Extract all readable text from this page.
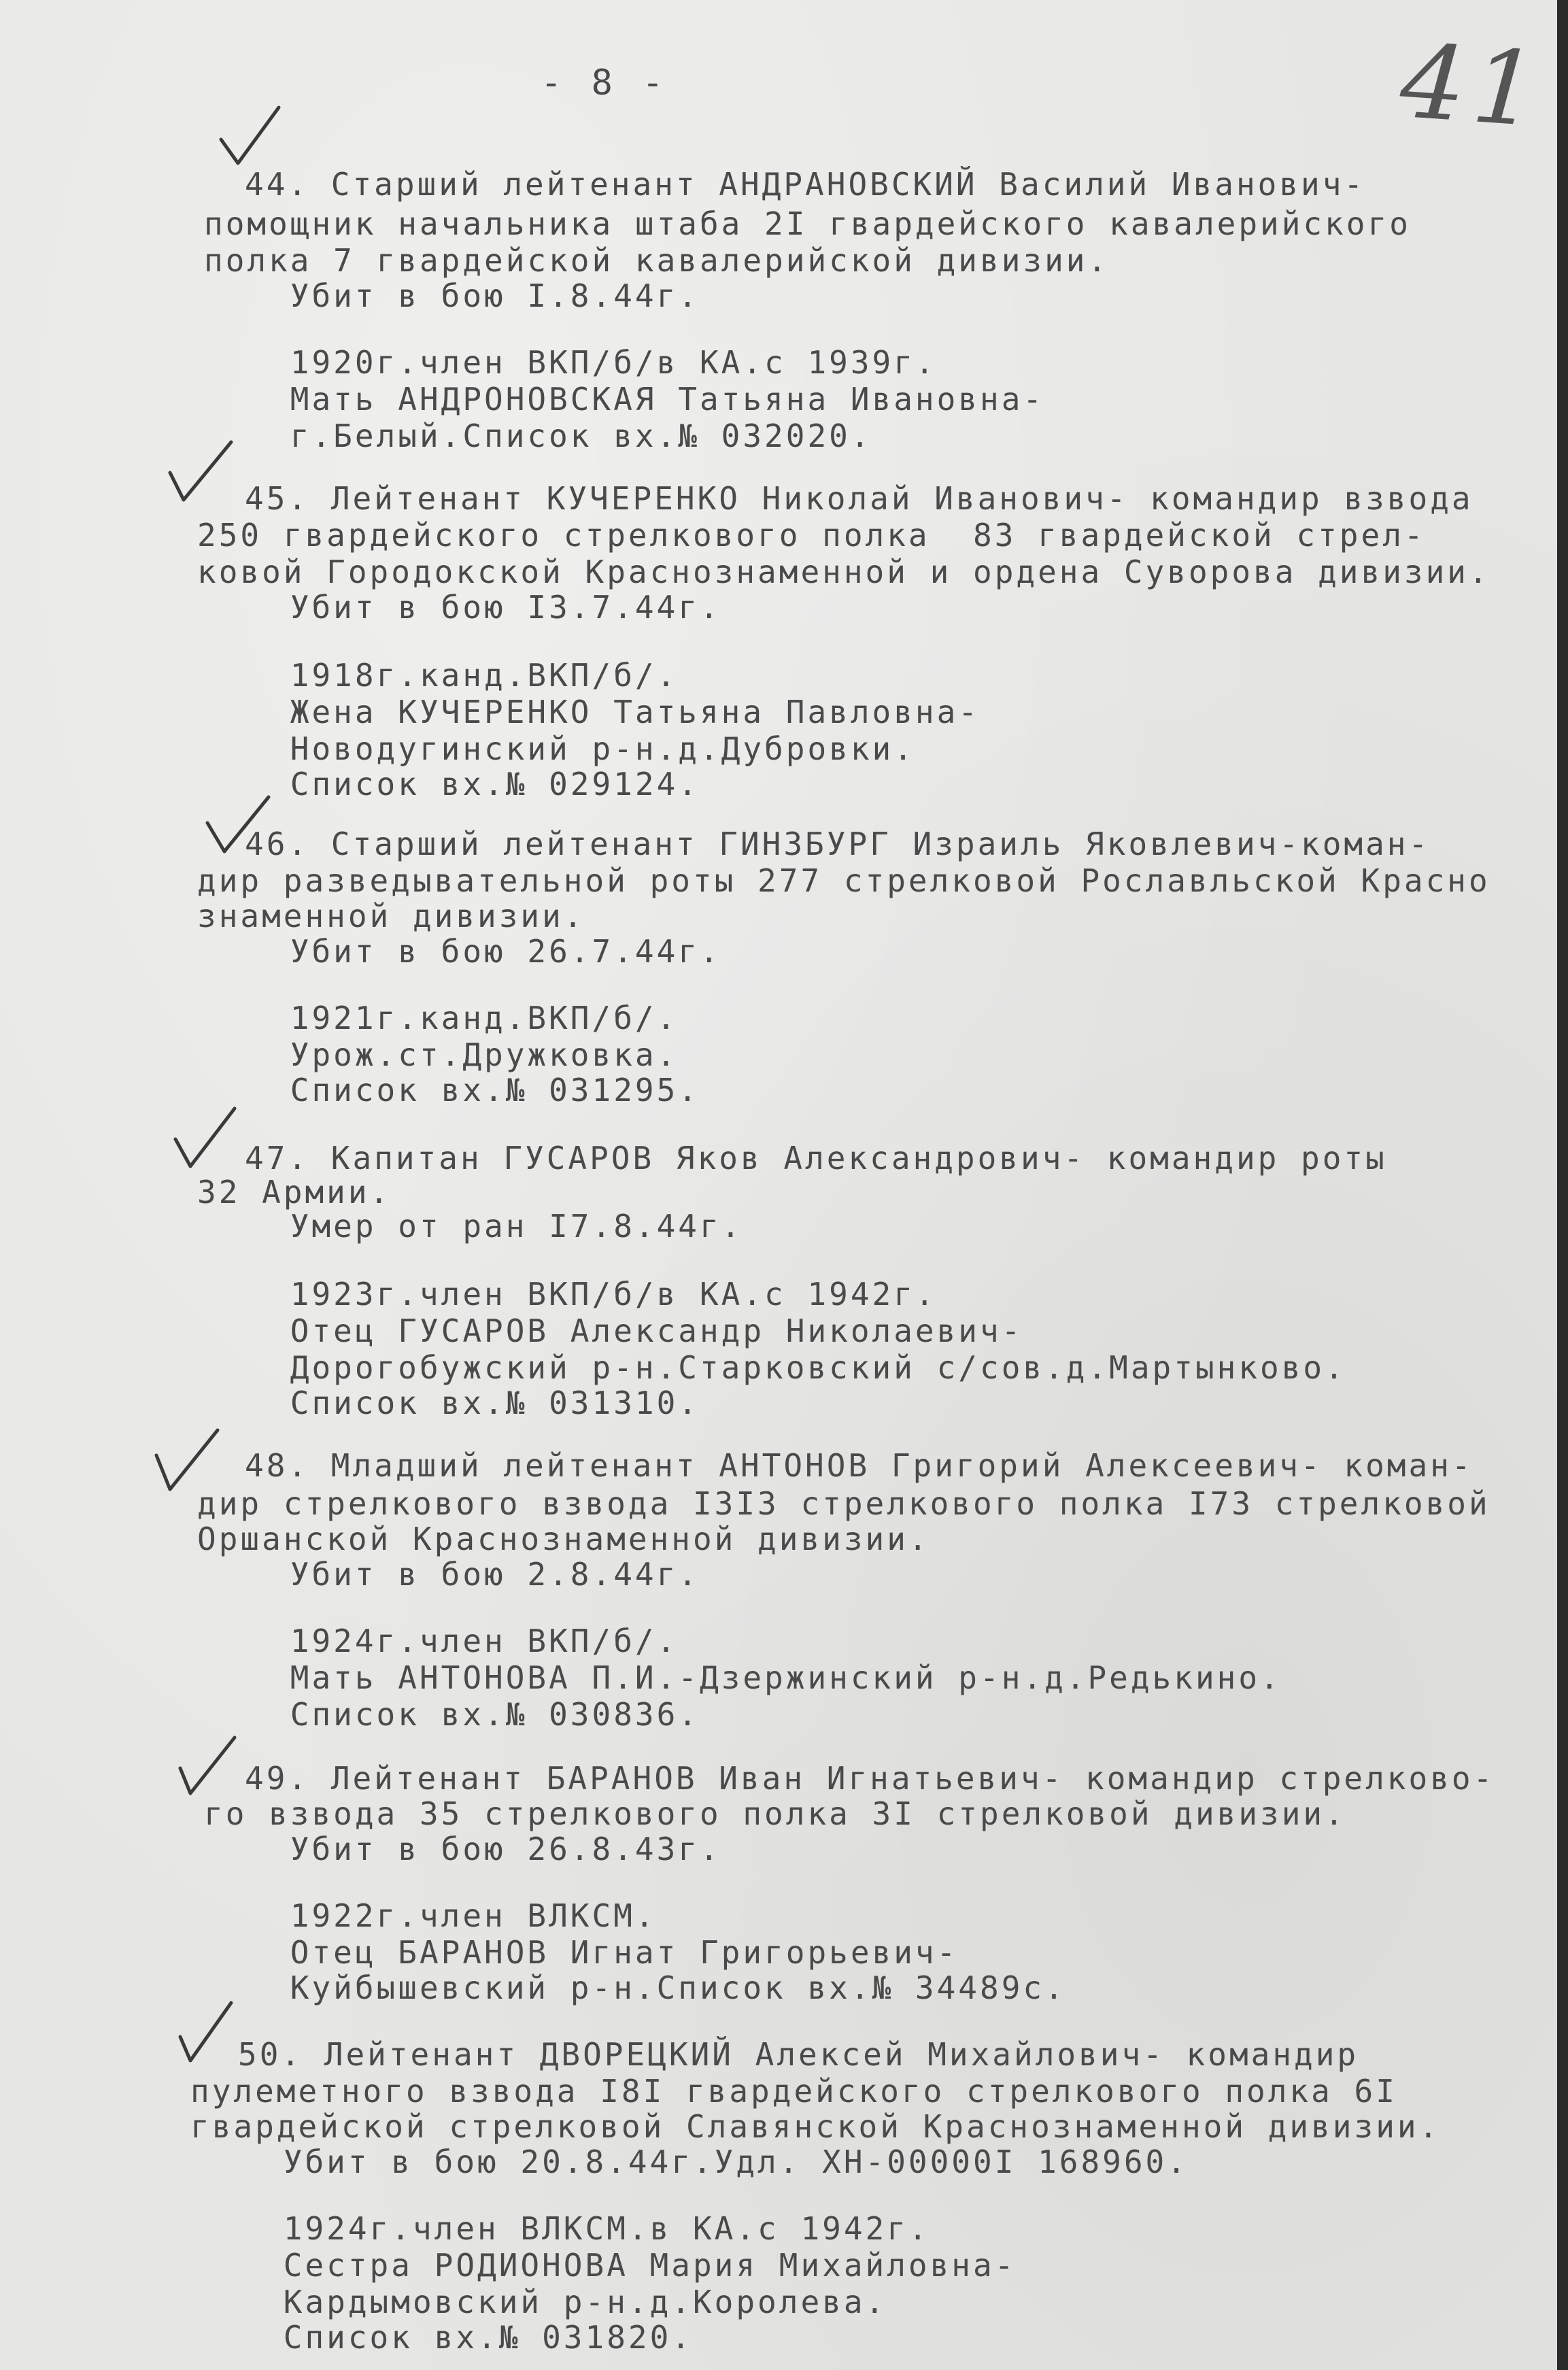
- 8 -	41

44. Старший лейтенант АНДРАНОВСКИЙ Василий Иванович-

помощник начальника штаба 2I гвардейского кавалерийского

полка 7 гвардейской кавалерийской дивизии.

Убит в бою I.8.44г.

1920г.член ВКП/б/в КА.с 1939г.

Мать АНДРОНОВСКАЯ Татьяна Ивановна-

г.Белый.Список вх.№ 032020.

45. Лейтенант КУЧЕРЕНКО Николай Иванович- командир взвода

250 гвардейского стрелкового полка  83 гвардейской стрел-

ковой Городокской Краснознаменной и ордена Суворова дивизии.

Убит в бою I3.7.44г.

1918г.канд.ВКП/б/.

Жена КУЧЕРЕНКО Татьяна Павловна-

Новодугинский р-н.д.Дубровки.

Список вх.№ 029124.

46. Старший лейтенант ГИНЗБУРГ Израиль Яковлевич-коман-

дир разведывательной роты 277 стрелковой Рославльской Красно

знаменной дивизии.

Убит в бою 26.7.44г.

1921г.канд.ВКП/б/.

Урож.ст.Дружковка.

Список вх.№ 031295.

47. Капитан ГУСАРОВ Яков Александрович- командир роты

32 Армии.

Умер от ран I7.8.44г.

1923г.член ВКП/б/в КА.с 1942г.

Отец ГУСАРОВ Александр Николаевич-

Дорогобужский р-н.Старковский с/сов.д.Мартынково.

Список вх.№ 031310.

48. Младший лейтенант АНТОНОВ Григорий Алексеевич- коман-

дир стрелкового взвода I3I3 стрелкового полка I73 стрелковой

Оршанской Краснознаменной дивизии.

Убит в бою 2.8.44г.

1924г.член ВКП/б/.

Мать АНТОНОВА П.И.-Дзержинский р-н.д.Редькино.

Список вх.№ 030836.

49. Лейтенант БАРАНОВ Иван Игнатьевич- командир стрелково-

го взвода 35 стрелкового полка 3I стрелковой дивизии.

Убит в бою 26.8.43г.

1922г.член ВЛКСМ.

Отец БАРАНОВ Игнат Григорьевич-

Куйбышевский р-н.Список вх.№ 34489с.

50. Лейтенант ДВОРЕЦКИЙ Алексей Михайлович- командир

пулеметного взвода I8I гвардейского стрелкового полка 6I

гвардейской стрелковой Славянской Краснознаменной дивизии.

Убит в бою 20.8.44г.Удл. ХН-00000I 168960.

1924г.член ВЛКСМ.в КА.с 1942г.

Сестра РОДИОНОВА Мария Михайловна-

Кардымовский р-н.д.Королева.

Список вх.№ 031820.
